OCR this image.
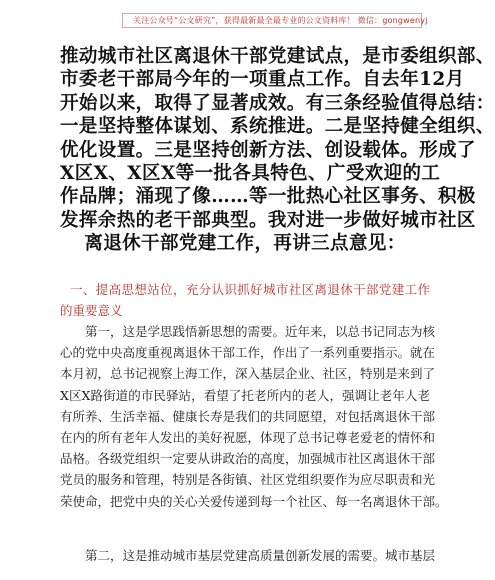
关注公众号“公文研究”，获得最新最全最专业的公文资料库！ 微信：gongwenyj
推动城市社区离退休干部党建试点，是市委组织部、
市委老干部局今年的一项重点工作。自去年12月
开始以来，取得了显著成效。有三条经验值得总结：
一是坚持整体谋划、系统推进。二是坚持健全组织、
优化设置。三是坚持创新方法、创设载体。形成了
X区X、X区X等一批各具特色、广受欢迎的工
作品牌；涌现了像……等一批热心社区事务、积极
发挥余热的老干部典型。我对进一步做好城市社区
离退休干部党建工作，再讲三点意见：
一、提高思想站位，充分认识抓好城市社区离退休干部党建工作
的重要意义
第一，这是学思践悟新思想的需要。近年来，以总书记同志为核
心的党中央高度重视离退休干部工作，作出了一系列重要指示。就在
本月初，总书记视察上海工作，深入基层企业、社区，特别是来到了
X区X路街道的市民驿站，看望了托老所内的老人，强调让老年人老
有所养、生活幸福、健康长寿是我们的共同愿望，对包括离退休干部
在内的所有老年人发出的美好祝愿，体现了总书记尊老爱老的情怀和
品格。各级党组织一定要从讲政治的高度，加强城市社区离退休干部
党员的服务和管理，特别是各街镇、社区党组织要作为应尽职责和光
荣使命，把党中央的关心关爱传递到每一个社区、每一名离退休干部。
第二，这是推动城市基层党建高质量创新发展的需要。城市基层
